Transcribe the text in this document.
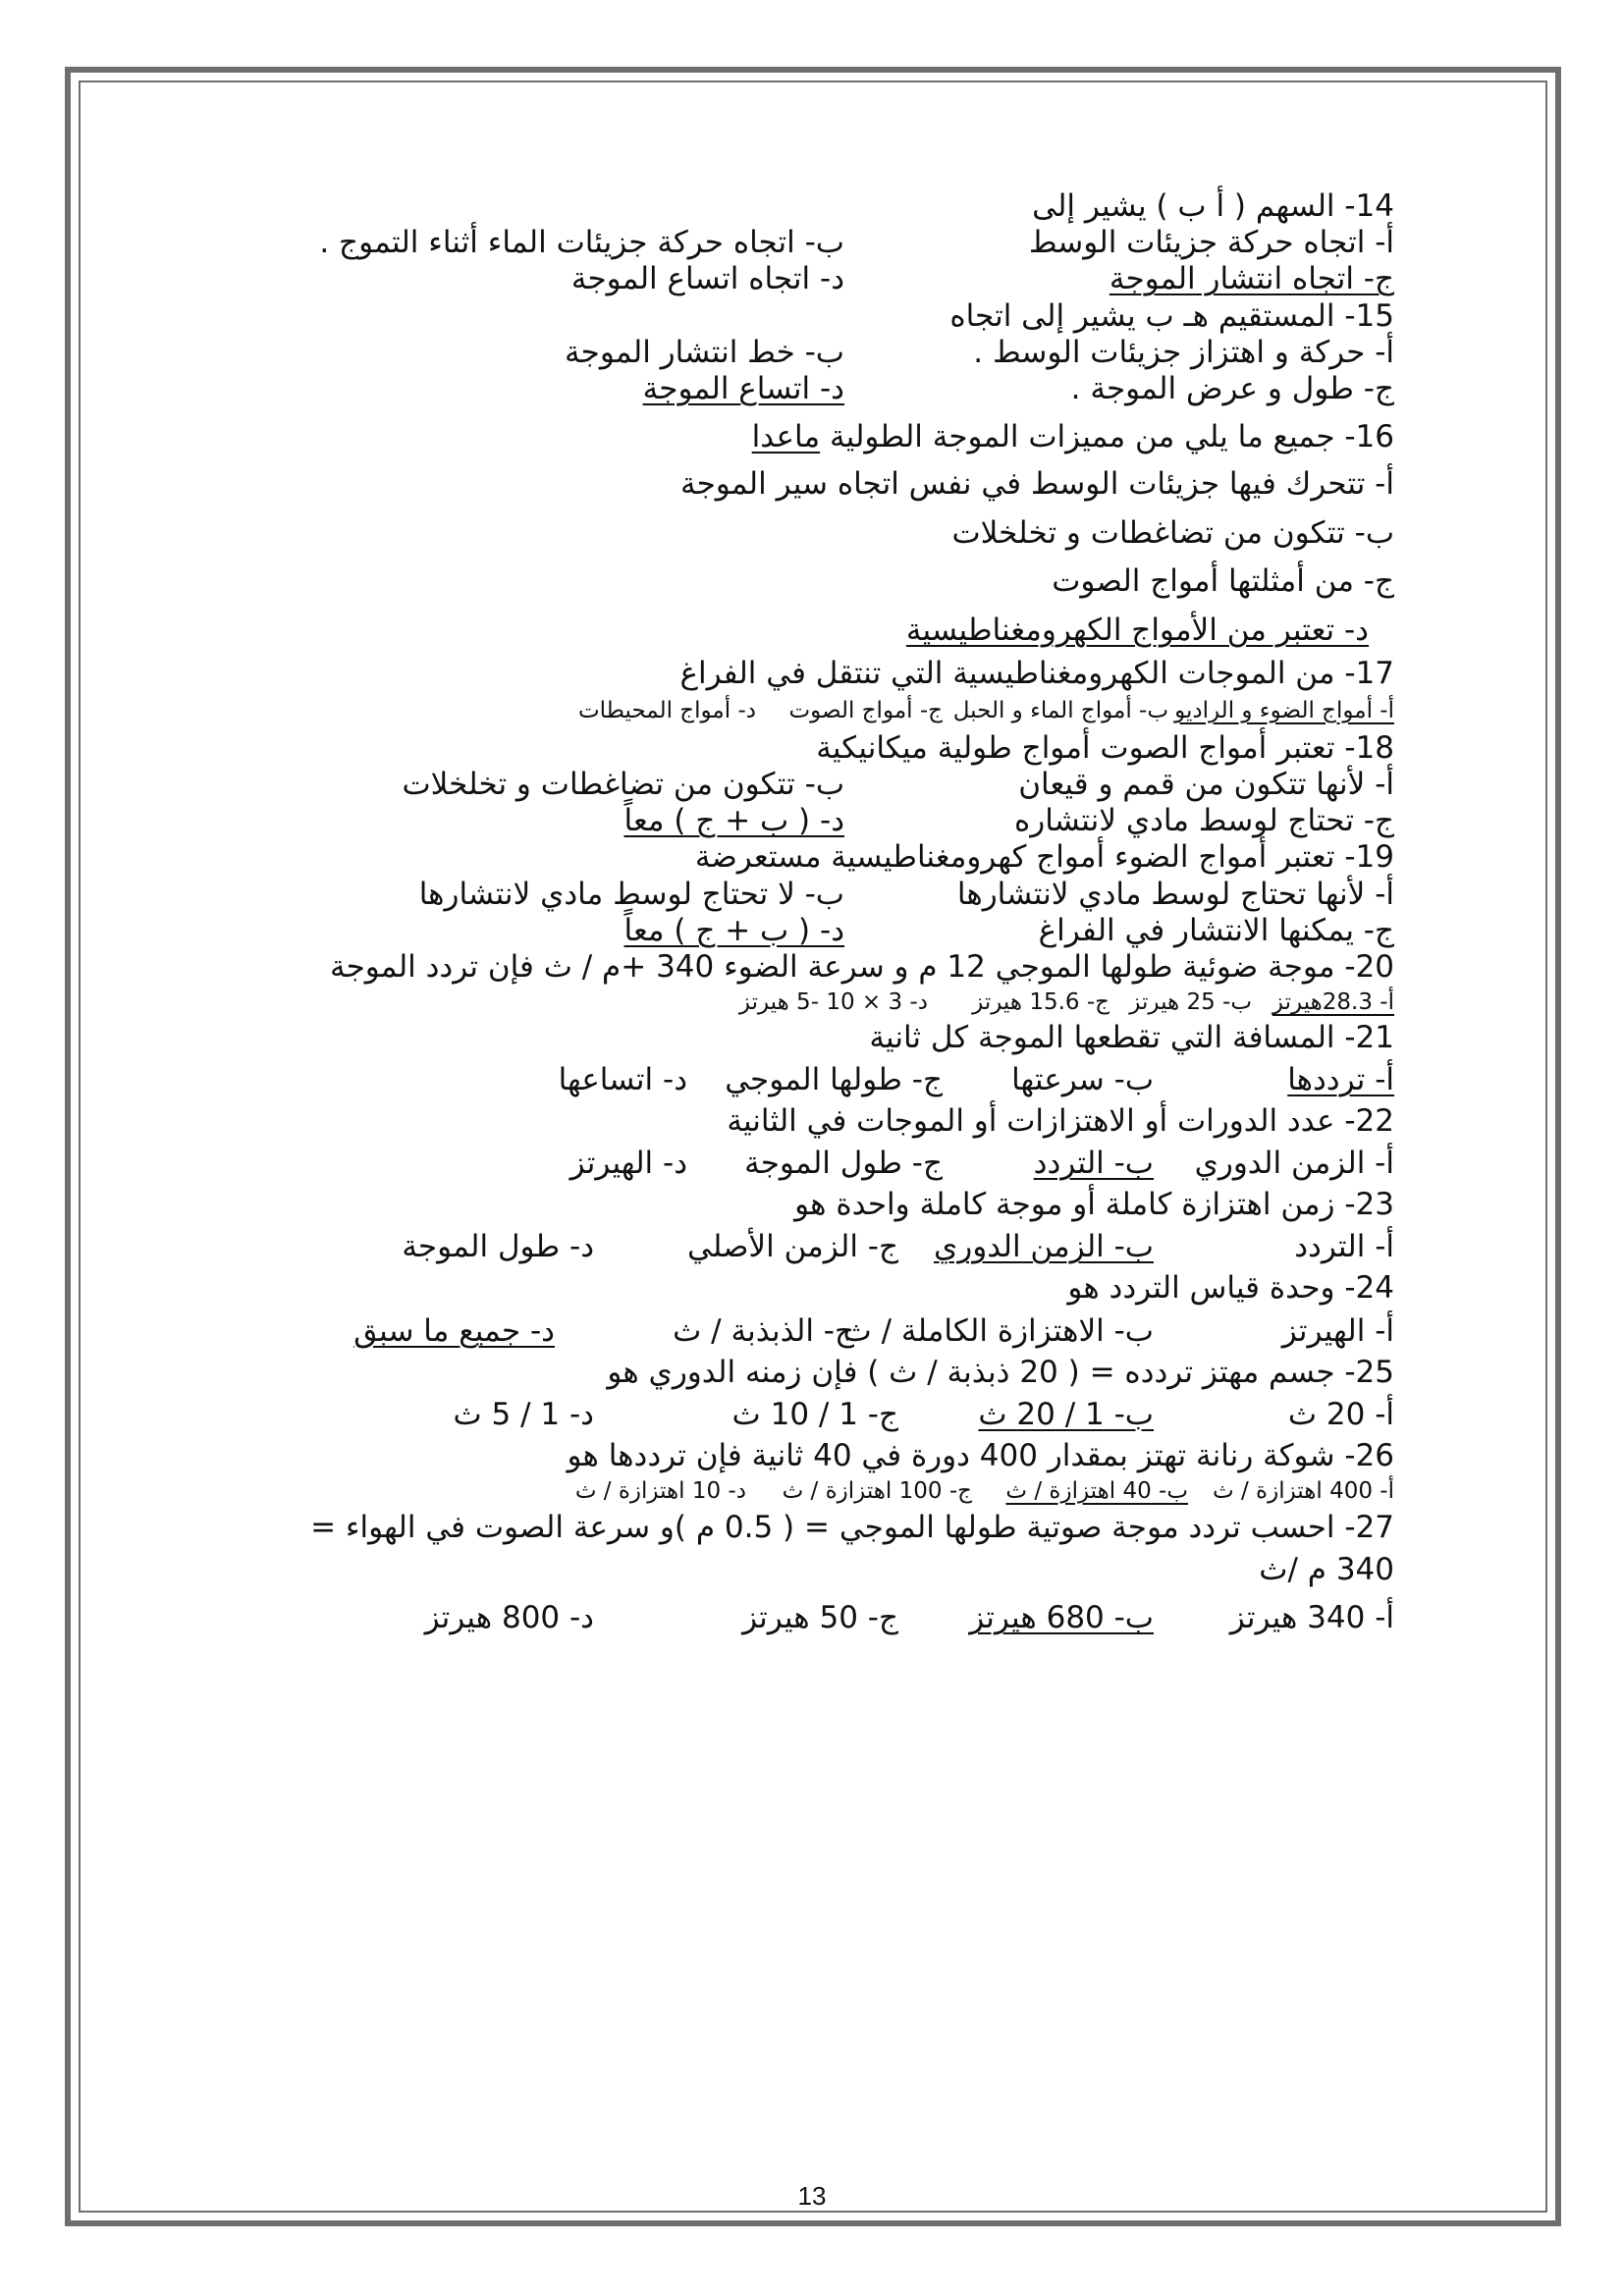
14- السهم ( أ ب ) يشير إلى
أ- اتجاه حركة جزيئات الوسط
ب- اتجاه حركة جزيئات الماء أثناء التموج .
ج- اتجاه انتشار الموجة
د- اتجاه اتساع الموجة
15- المستقيم هـ ب يشير إلى اتجاه
أ- حركة و اهتزاز جزيئات الوسط .
ب- خط انتشار الموجة
ج- طول و عرض الموجة .
د- اتساع الموجة
16- جميع ما يلي من مميزات الموجة الطولية

ماعدا
أ- تتحرك فيها جزيئات الوسط في نفس اتجاه سير الموجة
ب- تتكون من تضاغطات و تخلخلات
ج- من أمثلتها أمواج الصوت
د- تعتبر من الأمواج الكهرومغناطيسية
17- من الموجات الكهرومغناطيسية التي تنتقل في الفراغ
أ- أمواج الضوء و الراديو
ب- أمواج الماء و الحبل
ج- أمواج الصوت
د- أمواج المحيطات
18- تعتبر أمواج الصوت أمواج طولية ميكانيكية
أ- لأنها تتكون من قمم و قيعان
ب- تتكون من تضاغطات و تخلخلات
ج- تحتاج لوسط مادي لانتشاره
د- ( ب + ج ) معاً
19- تعتبر أمواج الضوء أمواج كهرومغناطيسية مستعرضة
أ- لأنها تحتاج لوسط مادي لانتشارها
ب- لا تحتاج لوسط مادي لانتشارها
ج- يمكنها الانتشار في الفراغ
د- ( ب + ج ) معاً
20- موجة ضوئية طولها الموجي 12 م و سرعة الضوء 340 +م / ث فإن تردد الموجة
أ- 28.3هيرتز
ب- 25 هيرتز
ج- 15.6 هيرتز
د- 3 × 10 -5 هيرتز
21- المسافة التي تقطعها الموجة كل ثانية
أ- ترددها
ب- سرعتها
ج- طولها الموجي
د- اتساعها
22- عدد الدورات أو الاهتزازات أو الموجات في الثانية
أ- الزمن الدوري
ب- التردد
ج- طول الموجة
د- الهيرتز
23- زمن اهتزازة كاملة أو موجة كاملة واحدة هو
أ- التردد
ب- الزمن الدوري
ج- الزمن الأصلي
د- طول الموجة
24- وحدة قياس التردد هو
أ- الهيرتز
ب- الاهتزازة الكاملة / ث
ج- الذبذبة / ث
د- جميع ما سبق
25- جسم مهتز تردده = ( 20 ذبذبة / ث ) فإن زمنه الدوري هو
أ- 20 ث
ب- 1 / 20 ث
ج- 1 / 10 ث
د- 1 / 5 ث
26- شوكة رنانة تهتز بمقدار 400 دورة في 40 ثانية فإن ترددها هو
أ- 400 اهتزازة / ث
ب- 40 اهتزازة / ث
ج- 100 اهتزازة / ث
د- 10 اهتزازة / ث
27- احسب تردد موجة صوتية طولها الموجي = ( 0.5 م )و سرعة الصوت في الهواء =
340 م /ث
أ- 340 هيرتز
ب- 680 هيرتز
ج- 50 هيرتز
د- 800 هيرتز
13
